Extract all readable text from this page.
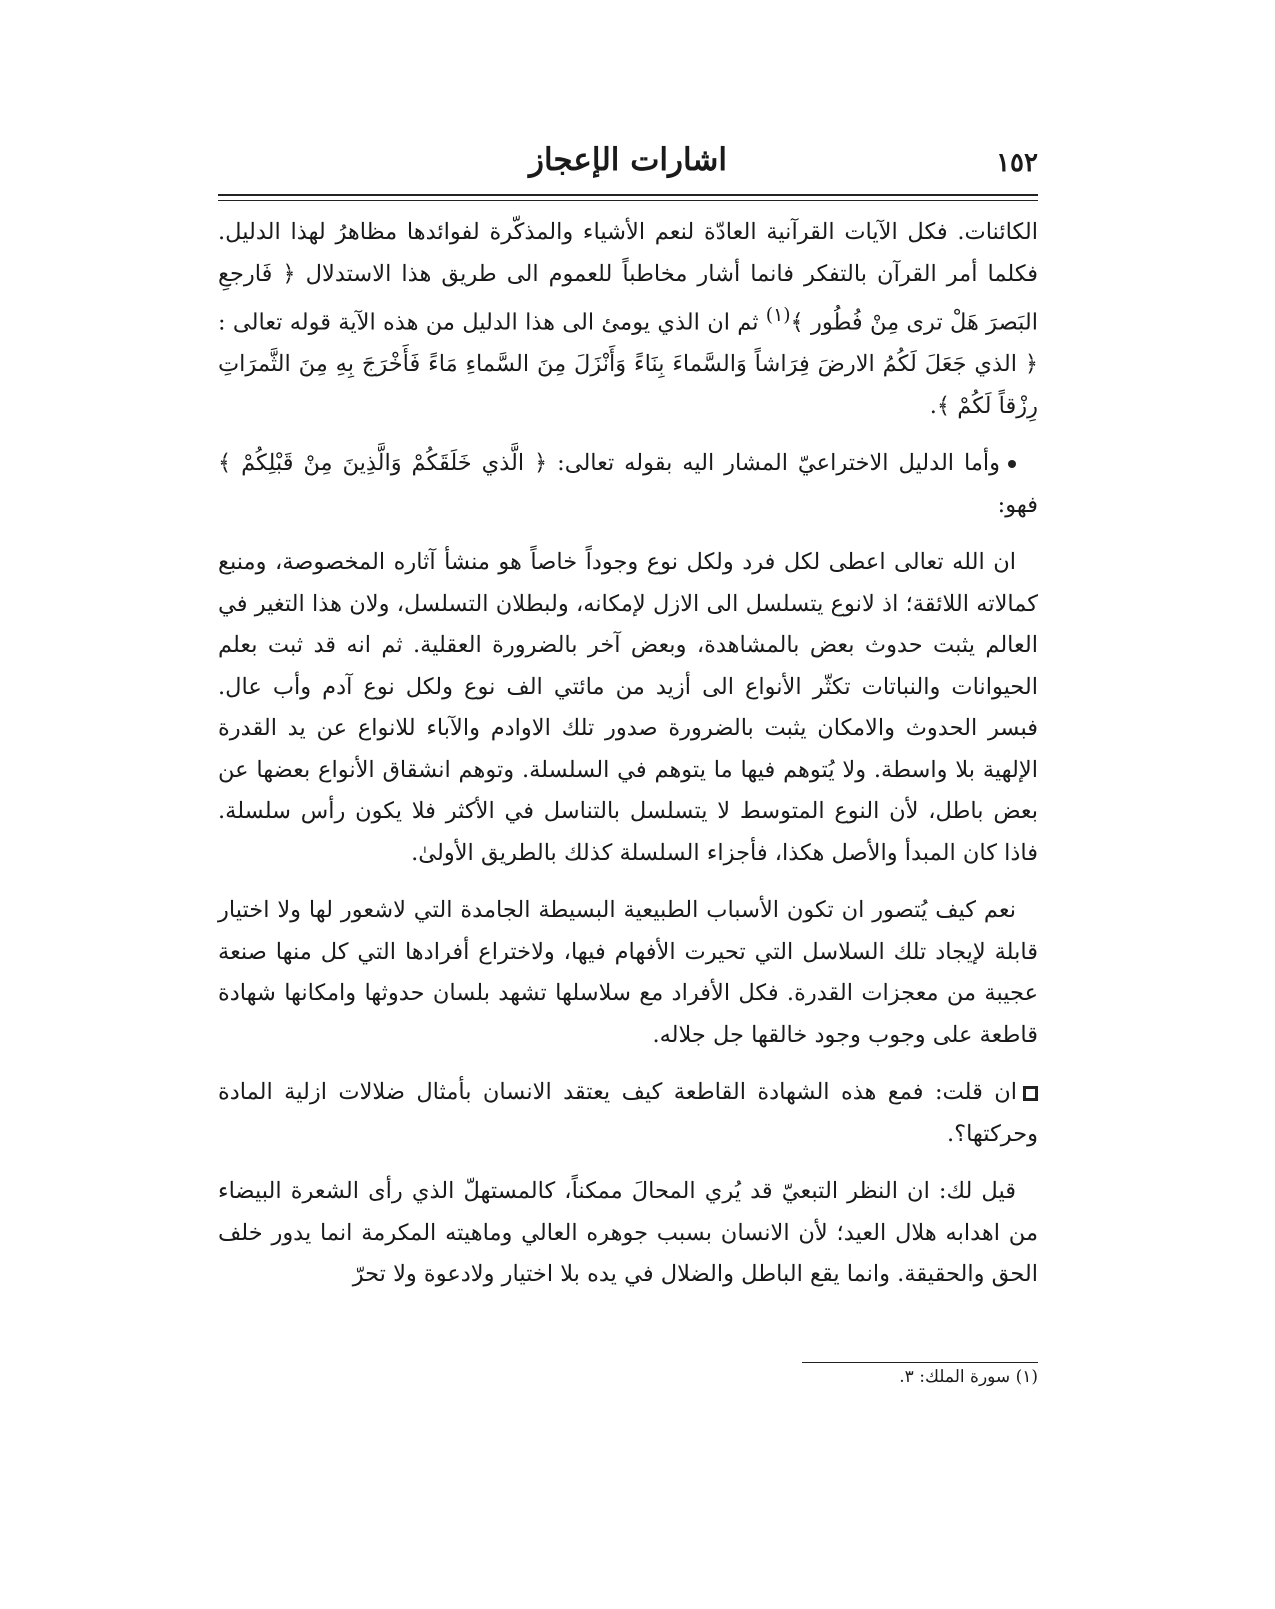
١٥٢
اشارات الإعجاز

الكائنات. فكل الآيات القرآنية العادّة لنعم الأشياء والمذكّرة لفوائدها مظاهرُ لهذا الدليل. فكلما أمر القرآن بالتفكر فانما أشار مخاطباً للعموم الى طريق هذا الاستدلال ﴿ فَارجعِ البَصرَ هَلْ ترى مِنْ فُطُور ﴾$^{(١)}$ ثم ان الذي يومئ الى هذا الدليل من هذه الآية قوله تعالى : ﴿ الذي جَعَلَ لَكُمُ الارضَ فِرَاشاً وَالسَّماءَ بِنَاءً وَأَنْزَلَ مِنَ السَّماءِ مَاءً فَأَخْرَجَ بِهِ مِنَ الثَّمرَاتِ رِزْقاً لَكُمْ ﴾.

وأما الدليل الاختراعيّ المشار اليه بقوله تعالى: ﴿ الَّذي خَلَقَكُمْ وَالَّذِينَ مِنْ قَبْلِكُمْ ﴾ فهو:

ان الله تعالى اعطى لكل فرد ولكل نوع وجوداً خاصاً هو منشأ آثاره المخصوصة، ومنبع كمالاته اللائقة؛ اذ لانوع يتسلسل الى الازل لإمكانه، ولبطلان التسلسل، ولان هذا التغير في العالم يثبت حدوث بعض بالمشاهدة، وبعض آخر بالضرورة العقلية. ثم انه قد ثبت بعلم الحيوانات والنباتات تكثّر الأنواع الى أزيد من مائتي الف نوع ولكل نوع آدم وأب عال. فبسر الحدوث والامكان يثبت بالضرورة صدور تلك الاوادم والآباء للانواع عن يد القدرة الإلهية بلا واسطة. ولا يُتوهم فيها ما يتوهم في السلسلة. وتوهم انشقاق الأنواع بعضها عن بعض باطل، لأن النوع المتوسط لا يتسلسل بالتناسل في الأكثر فلا يكون رأس سلسلة. فاذا كان المبدأ والأصل هكذا، فأجزاء السلسلة كذلك بالطريق الأولىٰ.

نعم كيف يُتصور ان تكون الأسباب الطبيعية البسيطة الجامدة التي لاشعور لها ولا اختيار قابلة لإيجاد تلك السلاسل التي تحيرت الأفهام فيها، ولاختراع أفرادها التي كل منها صنعة عجيبة من معجزات القدرة. فكل الأفراد مع سلاسلها تشهد بلسان حدوثها وامكانها شهادة قاطعة على وجوب وجود خالقها جل جلاله.

ان قلت: فمع هذه الشهادة القاطعة كيف يعتقد الانسان بأمثال ضلالات ازلية المادة وحركتها؟.

قيل لك: ان النظر التبعيّ قد يُري المحالَ ممكناً، كالمستهلّ الذي رأى الشعرة البيضاء من اهدابه هلال العيد؛ لأن الانسان بسبب جوهره العالي وماهيته المكرمة انما يدور خلف الحق والحقيقة. وانما يقع الباطل والضلال في يده بلا اختيار ولادعوة ولا تحرّ

(١) سورة الملك: ٣.
